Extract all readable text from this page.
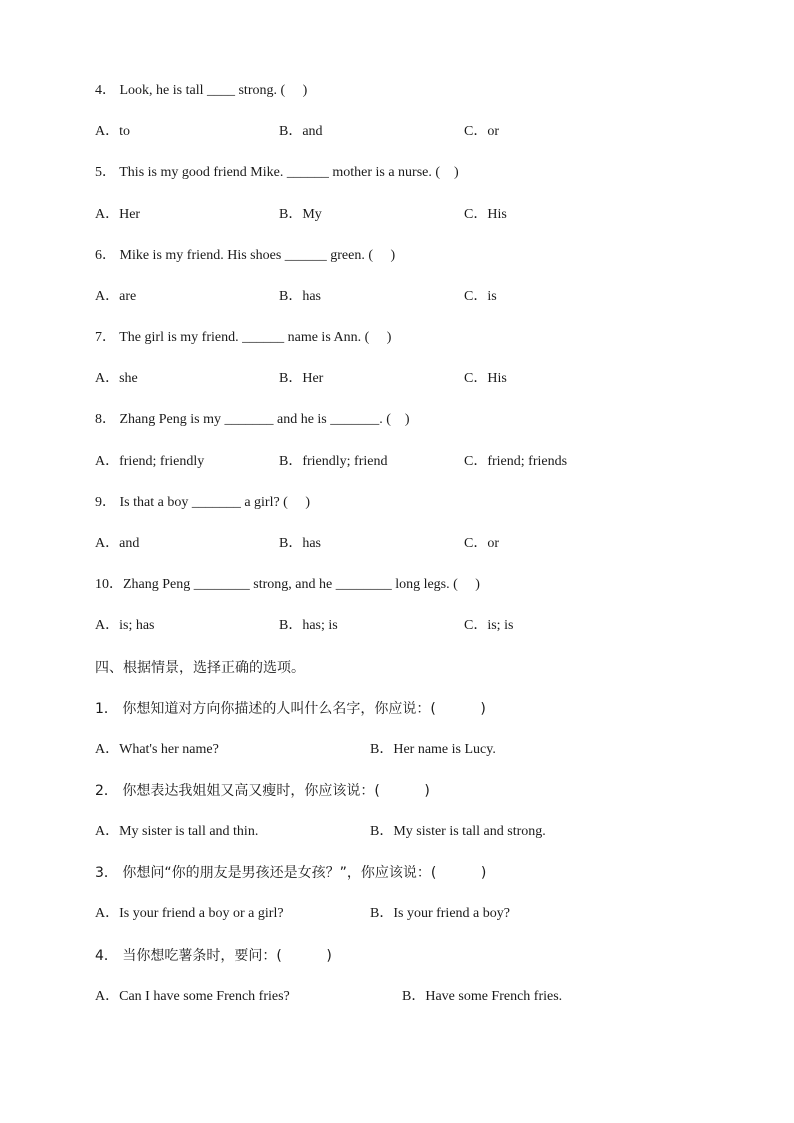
4． Look, he is tall ____ strong. (     )
A．to	B．and	C．or
5． This is my good friend Mike. ______ mother is a nurse. (    )
A．Her	B．My	C．His
6． Mike is my friend. His shoes ______ green. (     )
A．are	B．has	C．is
7． The girl is my friend. ______ name is Ann. (     )
A．she	B．Her	C．His
8． Zhang Peng is my _______ and he is _______. (    )
A．friend; friendly	B．friendly; friend	C．friend; friends
9． Is that a boy _______ a girl? (     )
A．and	B．has	C．or
10．Zhang Peng ________ strong, and he ________ long legs. (     )
A．is; has	B．has; is	C．is; is
四、根据情景，选择正确的选项。
1． 你想知道对方向你描述的人叫什么名字，你应说：(          )
A．What's her name?	B．Her name is Lucy.
2． 你想表达我姐姐又高又瘦时，你应该说：(          )
A．My sister is tall and thin.	B．My sister is tall and strong.
3． 你想问“你的朋友是男孩还是女孩？”，你应该说：(          )
A．Is your friend a boy or a girl?	B．Is your friend a boy?
4． 当你想吃薯条时，要问：(          )
A．Can I have some French fries?	B．Have some French fries.
